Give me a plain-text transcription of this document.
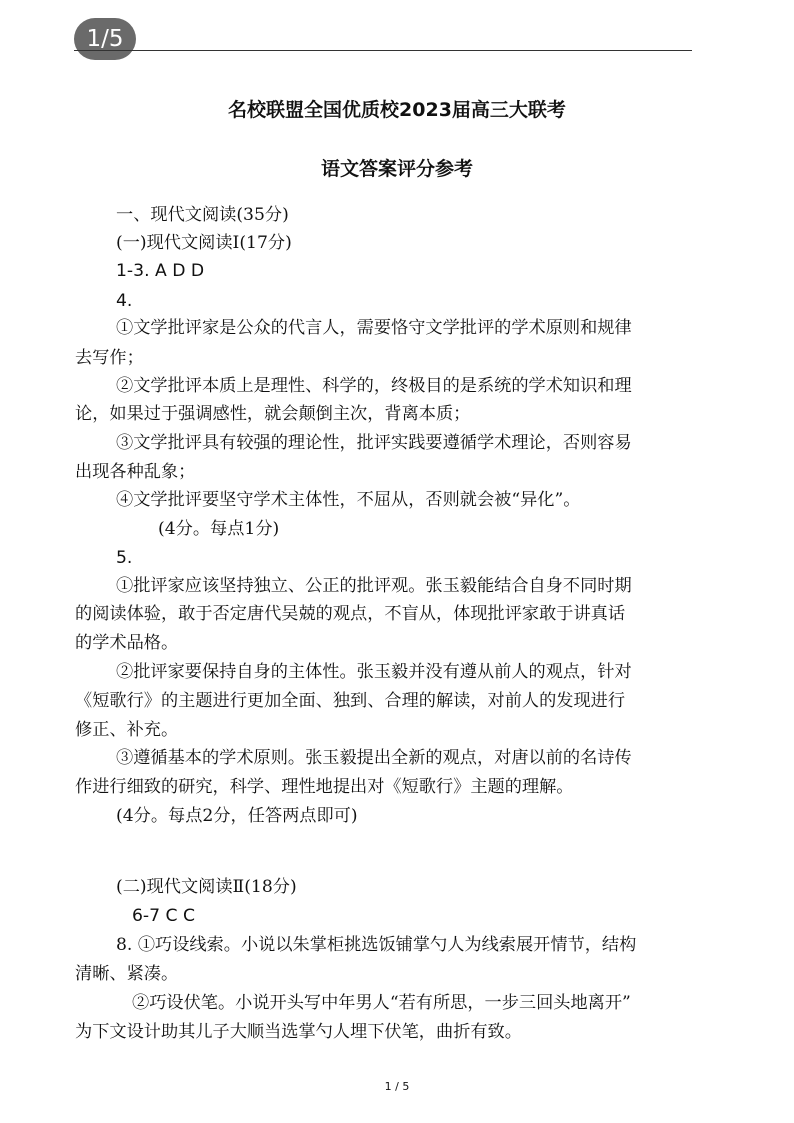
1/5
名校联盟全国优质校2023届高三大联考
语文答案评分参考
一、现代文阅读(35分)
(一)现代文阅读Ⅰ(17分)
1-3. A D D
4.
①文学批评家是公众的代言人，需要恪守文学批评的学术原则和规律
去写作；
②文学批评本质上是理性、科学的，终极目的是系统的学术知识和理
论，如果过于强调感性，就会颠倒主次，背离本质；
③文学批评具有较强的理论性，批评实践要遵循学术理论，否则容易
出现各种乱象；
④文学批评要坚守学术主体性，不屈从，否则就会被“异化”。
(4分。每点1分)
5.
①批评家应该坚持独立、公正的批评观。张玉毅能结合自身不同时期
的阅读体验，敢于否定唐代吴兢的观点，不盲从，体现批评家敢于讲真话
的学术品格。
②批评家要保持自身的主体性。张玉毅并没有遵从前人的观点，针对
《短歌行》的主题进行更加全面、独到、合理的解读，对前人的发现进行
修正、补充。
③遵循基本的学术原则。张玉毅提出全新的观点，对唐以前的名诗传
作进行细致的研究，科学、理性地提出对《短歌行》主题的理解。
(4分。每点2分，任答两点即可)
(二)现代文阅读Ⅱ(18分)
6-7 C C
8. ①巧设线索。小说以朱掌柜挑选饭铺掌勺人为线索展开情节，结构
清晰、紧凑。
②巧设伏笔。小说开头写中年男人“若有所思，一步三回头地离开”
为下文设计助其儿子大顺当选掌勺人埋下伏笔，曲折有致。
1 / 5
